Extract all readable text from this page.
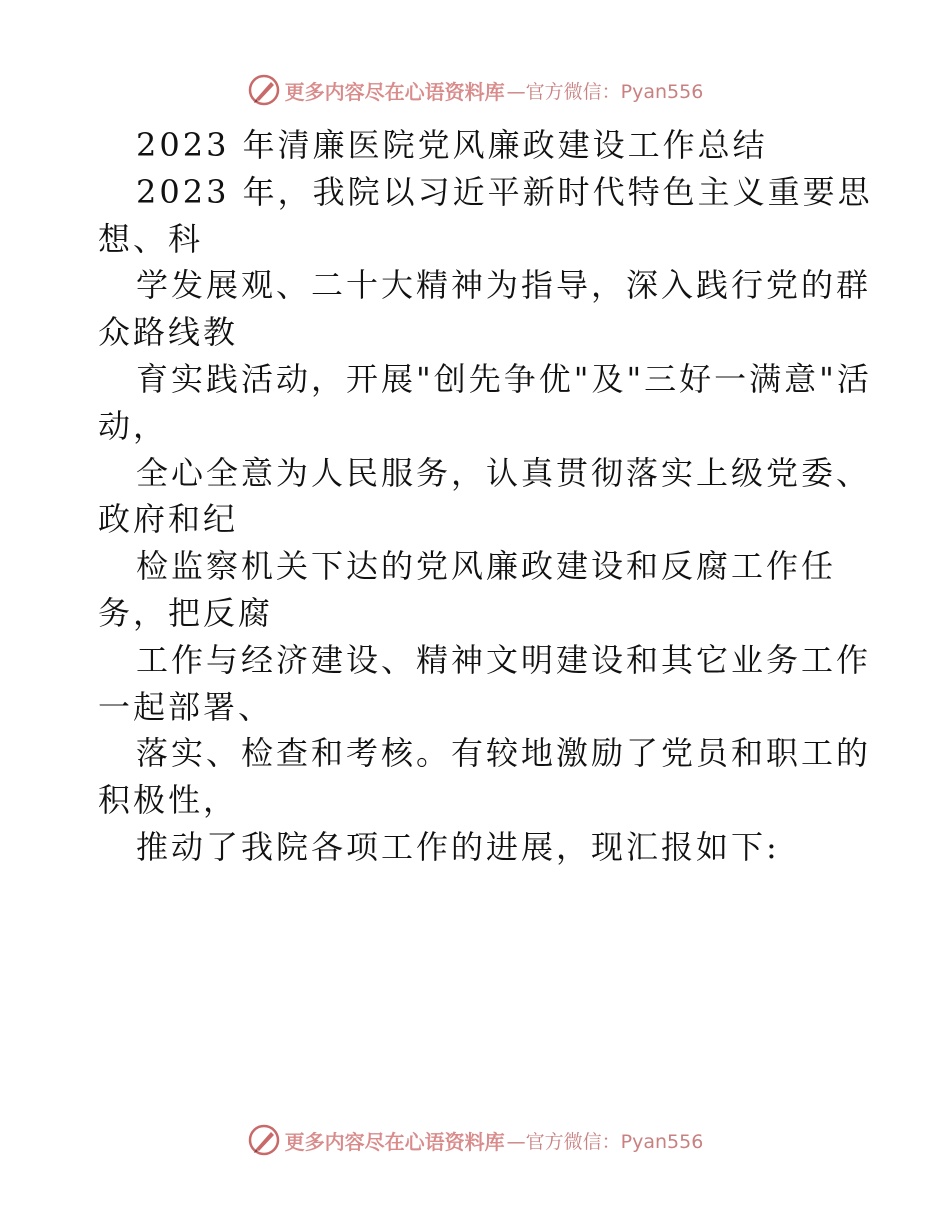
更多内容尽在心语资料库 —官方微信：Pyan556
2023 年清廉医院党风廉政建设工作总结
2023 年，我院以习近平新时代特色主义重要思
想、科
学发展观、二十大精神为指导，深入践行党的群
众路线教
育实践活动，开展"创先争优"及"三好一满意"活
动，
全心全意为人民服务，认真贯彻落实上级党委、
政府和纪
检监察机关下达的党风廉政建设和反腐工作任
务，把反腐
工作与经济建设、精神文明建设和其它业务工作
一起部署、
落实、检查和考核。有较地激励了党员和职工的
积极性，
推动了我院各项工作的进展，现汇报如下:
更多内容尽在心语资料库 —官方微信：Pyan556
